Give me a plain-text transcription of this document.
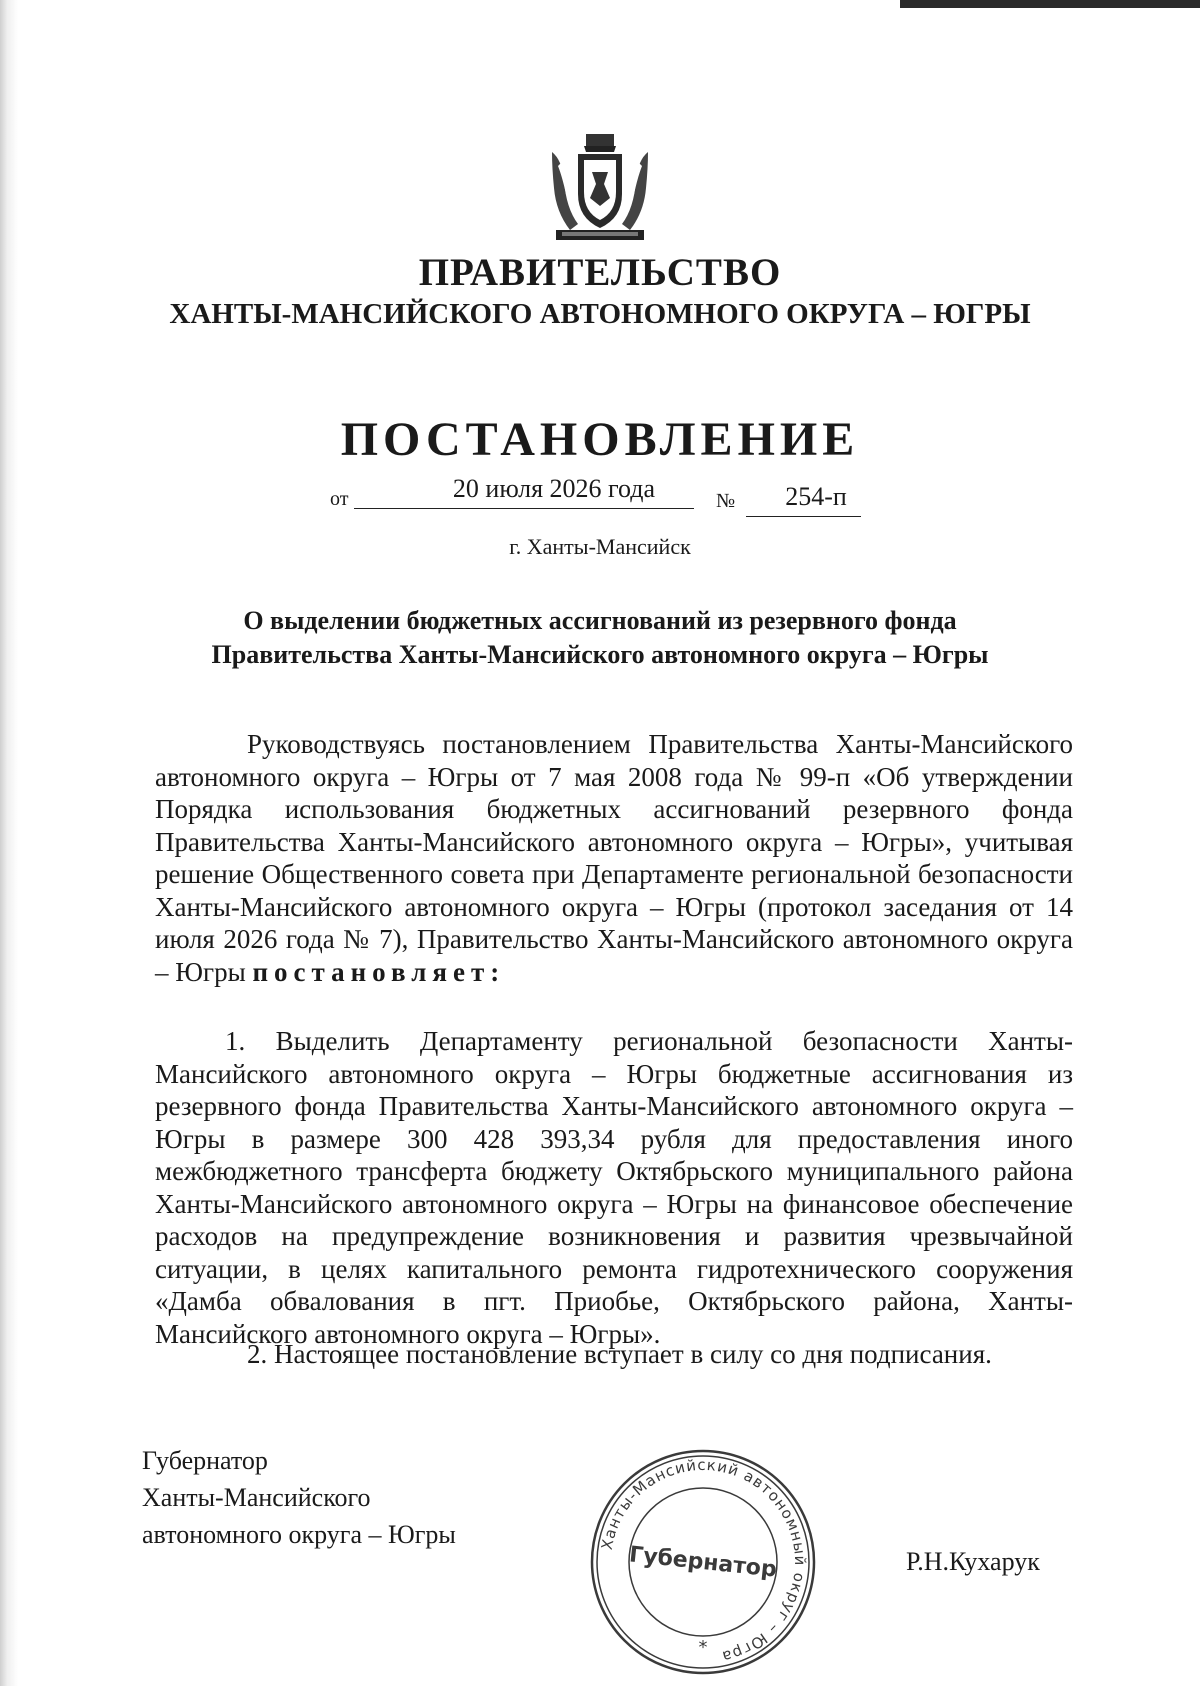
ПРАВИТЕЛЬСТВО
ХАНТЫ-МАНСИЙСКОГО АВТОНОМНОГО ОКРУГА – ЮГРЫ
ПОСТАНОВЛЕНИЕ
от	20 июля 2026 года	№	254-п

г. Ханты-Мансийск

О выделении бюджетных ассигнований из резервного фонда
Правительства Ханты-Мансийского автономного округа – Югры

Руководствуясь постановлением Правительства Ханты-Мансийского автономного округа – Югры от 7 мая 2008 года № 99-п «Об утверждении Порядка использования бюджетных ассигнований резервного фонда Правительства Ханты-Мансийского автономного округа – Югры», учитывая решение Общественного совета при Департаменте региональной безопасности Ханты-Мансийского автономного округа – Югры (протокол заседания от 14 июля 2026 года № 7), Правительство Ханты-Мансийского автономного округа – Югры постановляет:

1. Выделить Департаменту региональной безопасности Ханты-Мансийского автономного округа – Югры бюджетные ассигнования из резервного фонда Правительства Ханты-Мансийского автономного округа – Югры в размере 300 428 393,34 рубля для предоставления иного межбюджетного трансферта бюджету Октябрьского муниципального района Ханты-Мансийского автономного округа – Югры на финансовое обеспечение расходов на предупреждение возникновения и развития чрезвычайной ситуации, в целях капитального ремонта гидротехнического сооружения «Дамба обвалования в пгт. Приобье, Октябрьского района, Ханты-Мансийского автономного округа – Югры».

2. Настоящее постановление вступает в силу со дня подписания.

Губернатор
Ханты-Мансийского
автономного округа – Югры	Ханты-Мансийский автономный округ – Югра
Губернатор
*
Р.Н.Кухарук
